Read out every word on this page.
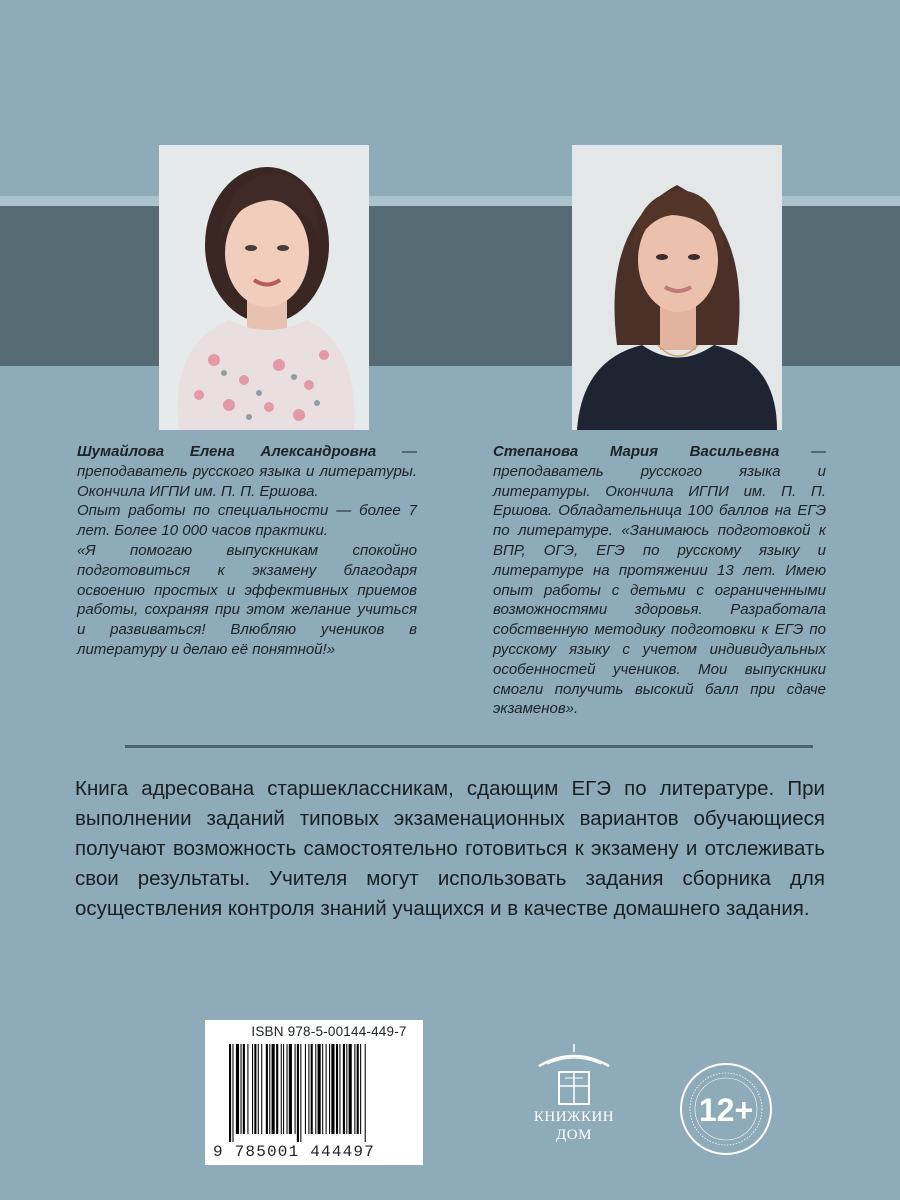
Шумайлова Елена Александровна — преподаватель русского языка и литературы. Окончила ИГПИ им. П. П. Ершова.

Опыт работы по специальности — более 7 лет. Более 10 000 часов практики.

«Я помогаю выпускникам спокойно подготовиться к экзамену благодаря освоению простых и эффективных приемов работы, сохраняя при этом желание учиться и развиваться! Влюбляю учеников в литературу и делаю её понятной!»

Степанова Мария Васильевна — преподаватель русского языка и литературы. Окончила ИГПИ им. П. П. Ершова. Обладательница 100 баллов на ЕГЭ по литературе. «Занимаюсь подготовкой к ВПР, ОГЭ, ЕГЭ по русскому языку и литературе на протяжении 13 лет. Имею опыт работы с детьми с ограниченными возможностями здоровья. Разработала собственную методику подготовки к ЕГЭ по русскому языку с учетом индивидуальных особенностей учеников. Мои выпускники смогли получить высокий балл при сдаче экзаменов».

Книга адресована старшеклассникам, сдающим ЕГЭ по литературе. При выполнении заданий типовых экзаменационных вариантов обучающиеся получают возможность самостоятельно готовиться к экзамену и отслеживать свои результаты. Учителя могут использовать задания сборника для осуществления контроля знаний учащихся и в качестве домашнего задания.

ISBN 978-5-00144-449-7
9 785001 444497
КНИЖКИН
ДОМ
12+
